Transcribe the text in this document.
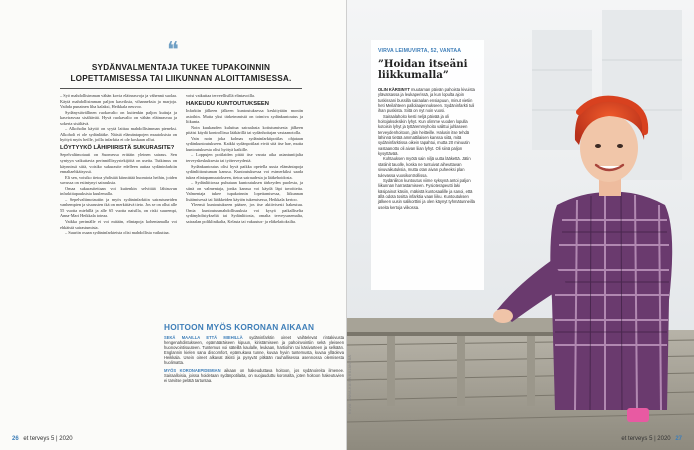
❝
SYDÄNVALMENTAJA TUKEE TUPAKOINNIN LOPETTAMISESSA TAI LIIKUNNAN ALOITTAMISESSA.

– Syö mahdollisimman vähän kovia eläinrasvoja ja vähennä suolaa. Käytä mahdollisimman paljon kasviksia, vihanneksia ja marjoja. Vaihda punainen liha kalaksi, Heikkala neuvoo.

Sydänystävällinen ruokavalio on kuitenkin paljon kuituja ja kasvirasvaa sisältävää. Hyvä ruokavalio on vähän eläinrasvaa ja sokeria sisältävä.

– Alkoholin käyttö on syytä laittaa mahdollisimman pieneksi. Alkoholi ei ole sydänlääke. Näistä elämäntapojen muutoksista on hyötyä myös heille, joilla infarktia ei ole koskaan ollut.

LÖYTYYKÖ LÄHIPIIRISTÄ SUKURASITE?

Sepelvaltimotauti on Suomessa erittäin yleinen sairaus. Sen syntyyn vaikuttavia perinnöllisyystekijöitä on useita. Tutkimus on käynnissä siitä, voisiko sukurasite edelleen auttaa sydäninfarktin ennaltaehkäisyssä.

Eli sen, voisiko tietoa yhdistää kiinnittää huomiota heihin, joiden suvussa on esiintynyt sairauksia.

Omaa sukurasitettaan voi kuitenkin selvittää lähisuvun infarktitapauksista kuulemalla.

– Sepelvaltimotautiin ja myös sydäninfarktiin sairastuneiden vanhempien ja sisarusten ikä on merkittävä tieto. Jos se on ollut alle 55 vuotta miehillä ja alle 65 vuotta naisilla, on riski suurempi, Anna-Mari Heikkala toteaa.

Vaikka perimälle ei voi mitään, elintapoja kohentamalla voi ehkäistä sairastumista.

– Suuriin osaan sydäninfarkteista olisi mahdollista vaikuttaa.

voisi vaikuttaa terveellisillä elintavoilla.

HAKEUDU KUNTOUTUKSEEN

Infarktin jälkeen jälkeen kuntoutuksessa keskitytään moniin asioihin. Mutta yksi tärkeimmistä on toimiva sydänkuntoutus ja liikunta.

Noin kuukauden kuluttua sairaalasta kotiutumisesta jälkeen pitäisi käydä kontrollissa lääkärillä tai sydänhoitajan vastaanotolla.

Vain noin joka kolmas sydäninfarktipotilas ohjataan sydänkuntoutukseen. Kaikki sydänpotilaat eivät sitä itse hae, mutta kuntoutuksesta olisi hyötyä kaikille.

– Loppujen potilaiden pitää itse varata aika asiantuntijalta terveyskeskuksesta tai työterveydestä.

Sydänkuntoutus olisi hyvä paikka opetella uusia elämäntapoja sydänliittoutuman kanssa. Kuntoutuksessa voi esimerkiksi saada tukea elintapamuutokseen, tietoa sairaudesta ja lääkehoidosta.

– Sydänliittossa puhutaan kuntoutuksen tärkeyden puolesta, ja siinä on valmentaja, jonka kanssa voi käydä läpi tavoitteita. Valmentaja tukee tupakoinnin lopettamisessa, liikunnan lisäämisessä tai lääkkeiden käytön tukemisessa, Heikkala kertoo.

Yleensä kuntoutukseen pääsee, jos itse aktiivisesti hakeutuu. Omia kuntoutusmahdollisuuksia voi kysyä paikalliselta sydänyhdistykseltä tai Sydänliitosta, omalta terveysasemalta, sairaalan poliklinikalta, Kelasta tai vakuutus- ja eläkelaitoksilta.

HOITOON MYÖS KORONAN AIKAAN

SEKÄ MAAILLA ETTÄ MIEHILLÄ sydäninfarktin oireet vaihtelevat rintakivusta hengenahdistukseen, epämääräiseen kipuun, kiristämiseen ja pahoinvointiin sekä yleiseen huonovointisuuteen. Tuntemus voi säteillä kaulalle, leukaan, hartioihin tai käsivarteen ja selkään. Englannin kielen sana discomfort, epämukava tunne, kuvaa hyvin tuntemusta, kuvaa ylläoleva Heikkala. Usein oireet alkavat äkisti ja pysyvät pitkään rauhallisessa asennossa olemisesta huolimatta.

MYÖS KORONAEPIDEMIAN aikaan on hakeuduttava hoitoon, jos sydänoireita ilmenee. Sairaalloisia, joissa hoidetaan sydänpotilaita, on suojauduttu koronalta, joten hoitoon hakeutuvien ei tarvitse pelätä tartuntaa.

26 et terveys 5 | 2020
VIRVA LEIMUVIRTA, 52, VANTAA
”Hoidan itseäni liikkumalla”

OLIN KÄRSINYT muutaman päivän pahoista kivuista ylävatsassa ja leukaperissä, ja kun lopulta ajoin tuskissani bussilla sairaalan ensiapuun, minut vietiin heti Meilahteen pallolaajennukseen. Sydäninfarkti tuli ihan puskista. Siitä on nyt noin vuosi.

Sairaalahoito kesti neljä päivää ja oli hoitojaksoksikin lyhyt. Kun olimme vuoden lopulla kotoisin lyhyt ja tyttäremmyhoito valittui juhlaseen terveydenhoitoon, jäin heitteille. Halusin itse tehdä lähinnä tietää ammattilaisen kanssa siitä, mitä sydäninfarktissa oikein tapahtui, mutta 20 minuutin vastaanotto oli aivan liian lyhyt. Oli siinä paljon kysyttävää.

Kohtauksen myötä sain niljä uutta lääkettä. Jätin statiinit tauolle, koska ne tuntuivat aiheuttavan sivuvaikutuksia, mutta otan aivan puheeksi plan tulevassa vuosikontrollissa.

Sydänliiton kuntoutus viime syksynä antoi paljon liikunnan harrastamiseen. Fysioterapeutti laki käsipainot käsiin, mäkistä kuntosaalille ja sanoi, että ällä odota tositta infarktia vaan liiku. Kuntoutuksen jälkeen uusin salikorttini ja olen käynyt tyhmätunneilla useita kertoja viikossa.

KUVA: ANNA-KAISA KUJANPÄÄ
et terveys 5 | 2020 27
